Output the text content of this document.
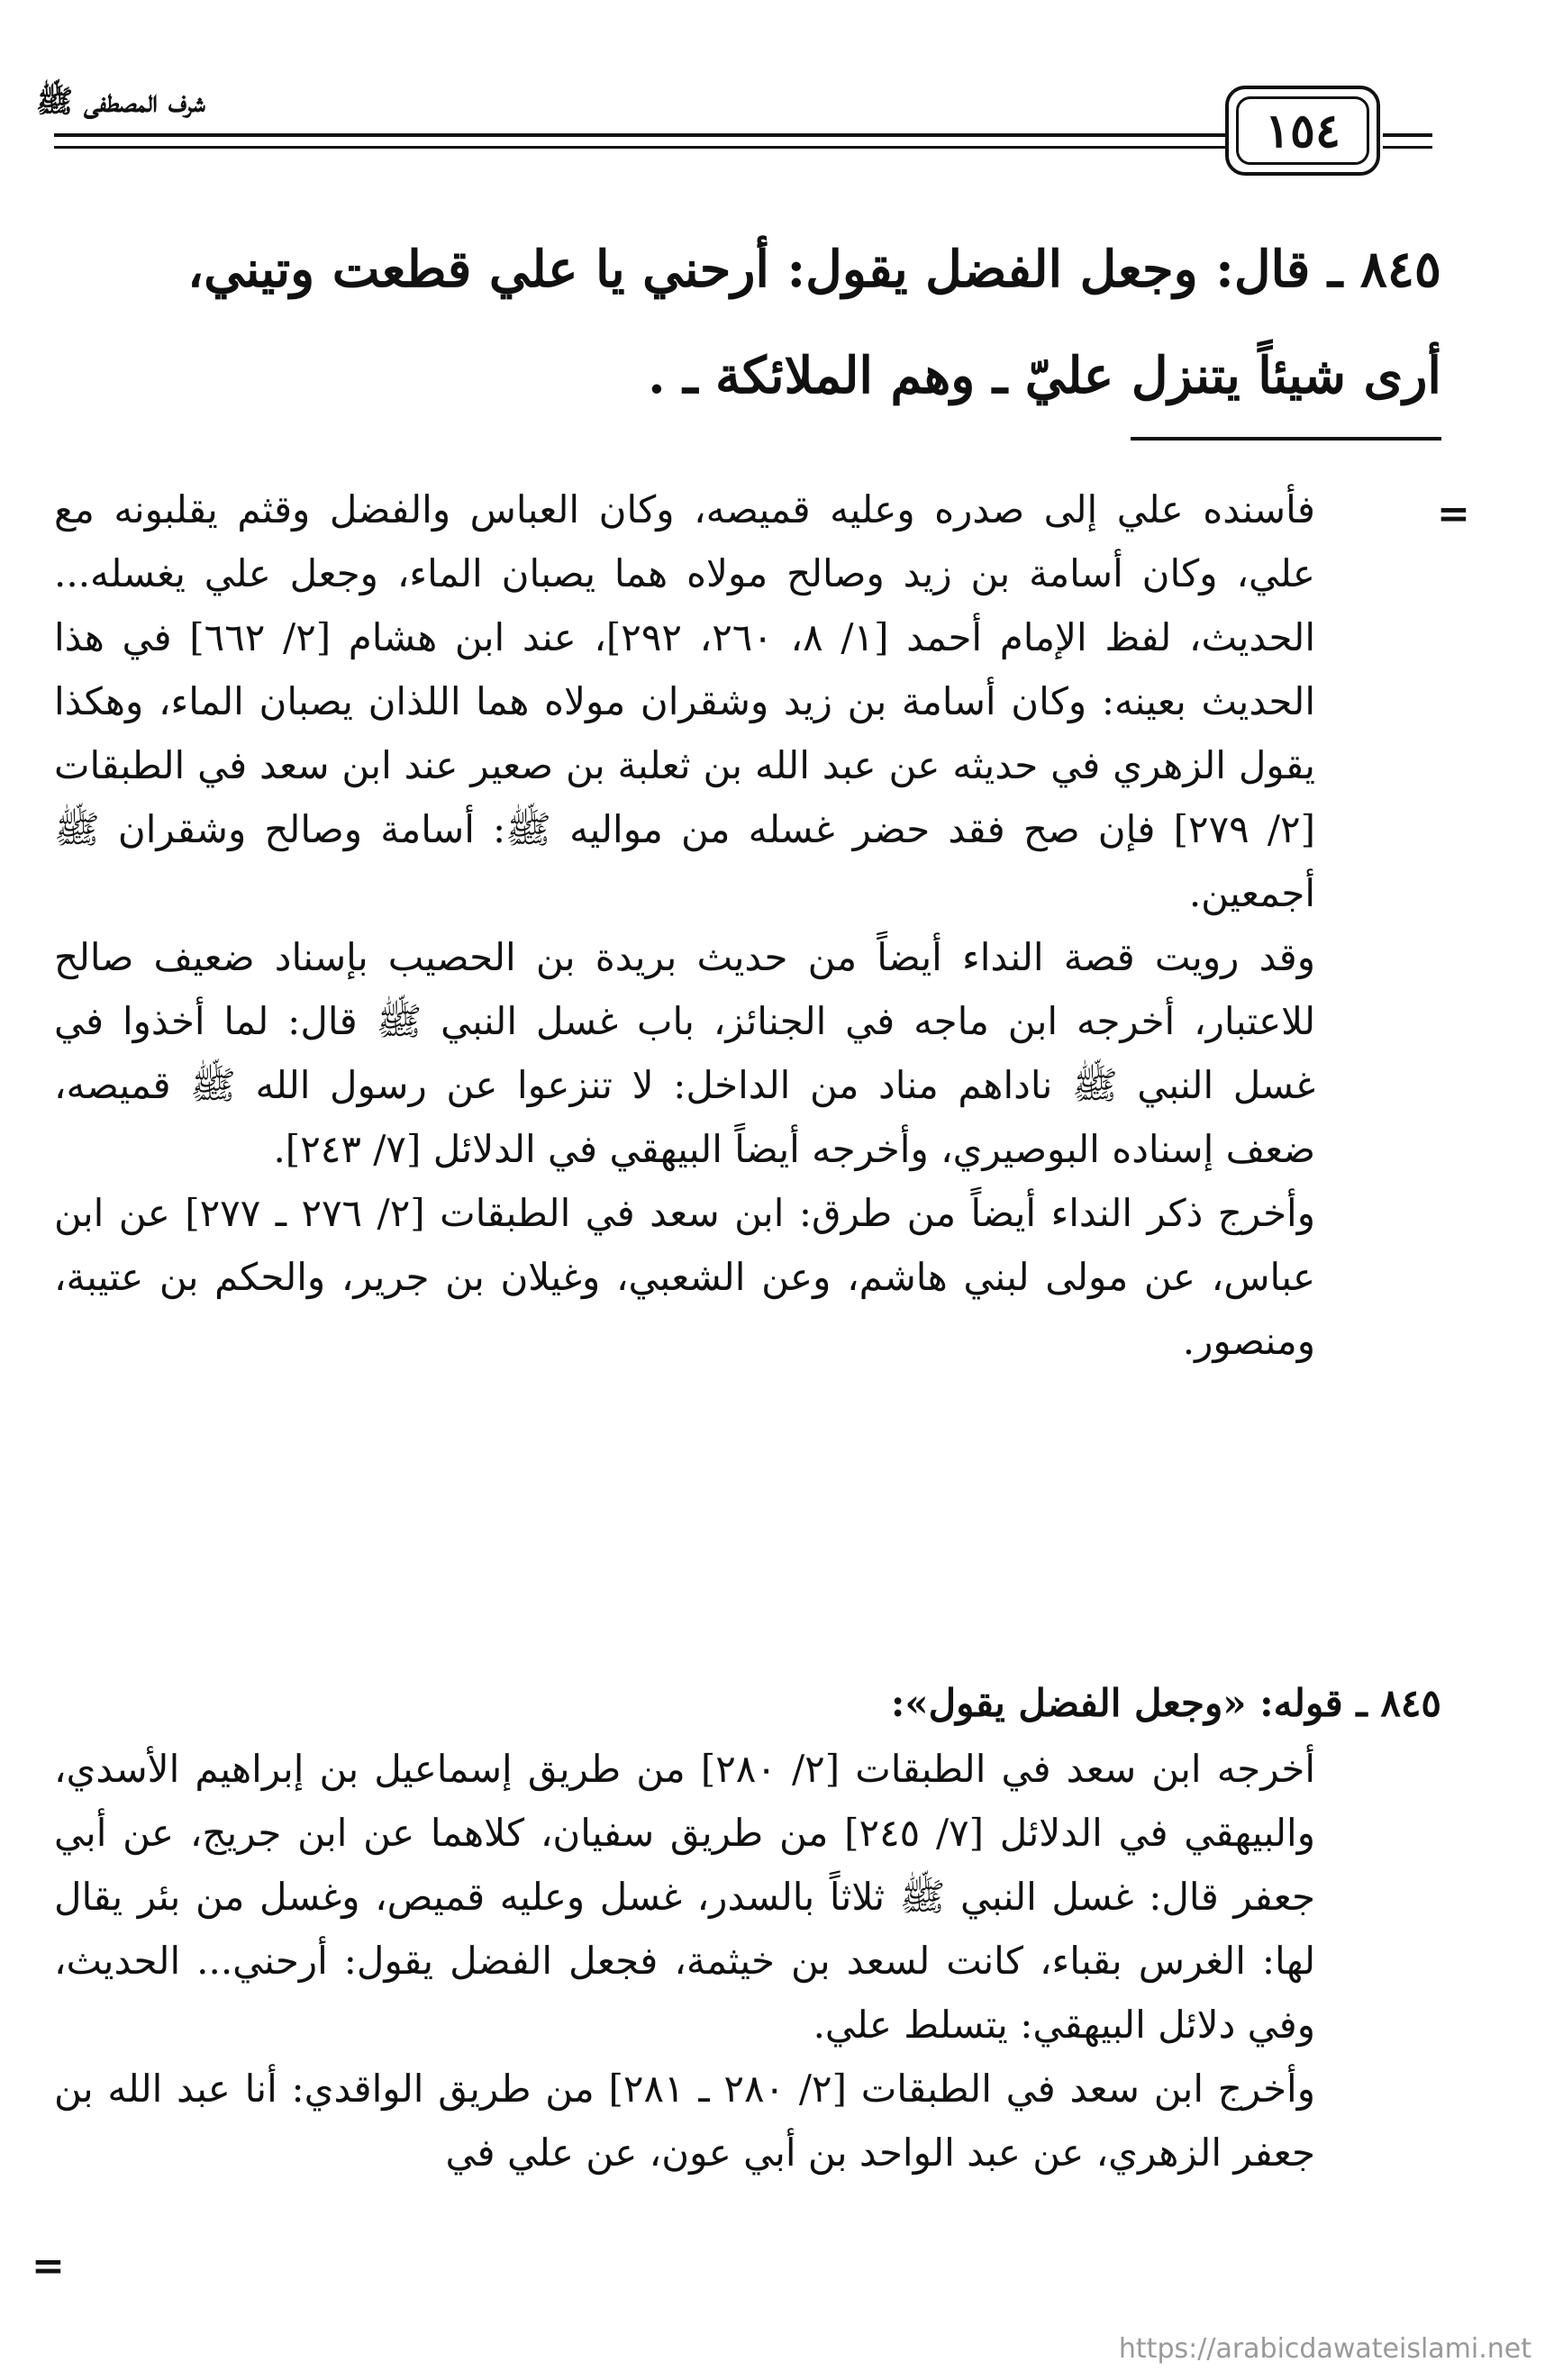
شرف المصطفى ﷺ
١٥٤

٨٤٥ ـ قال: وجعل الفضل يقول: أرحني يا علي قطعت وتيني،

أرى شيئاً يتنزل عليّ ـ وهم الملائكة ـ .

=

فأسنده علي إلى صدره وعليه قميصه، وكان العباس والفضل وقثم يقلبونه مع علي، وكان أسامة بن زيد وصالح مولاه هما يصبان الماء، وجعل علي يغسله... الحديث، لفظ الإمام أحمد [١/ ٨، ٢٦٠، ٢٩٢]، عند ابن هشام [٢/ ٦٦٢] في هذا الحديث بعينه: وكان أسامة بن زيد وشقران مولاه هما اللذان يصبان الماء، وهكذا يقول الزهري في حديثه عن عبد الله بن ثعلبة بن صعير عند ابن سعد في الطبقات [٢/ ٢٧٩] فإن صح فقد حضر غسله من مواليه ﷺ: أسامة وصالح وشقران ﷺ أجمعين.

وقد رويت قصة النداء أيضاً من حديث بريدة بن الحصيب بإسناد ضعيف صالح للاعتبار، أخرجه ابن ماجه في الجنائز، باب غسل النبي ﷺ قال: لما أخذوا في غسل النبي ﷺ ناداهم مناد من الداخل: لا تنزعوا عن رسول الله ﷺ قميصه، ضعف إسناده البوصيري، وأخرجه أيضاً البيهقي في الدلائل [٧/ ٢٤٣].

وأخرج ذكر النداء أيضاً من طرق: ابن سعد في الطبقات [٢/ ٢٧٦ ـ ٢٧٧] عن ابن عباس، عن مولى لبني هاشم، وعن الشعبي، وغيلان بن جرير، والحكم بن عتيبة، ومنصور.

٨٤٥ ـ قوله: «وجعل الفضل يقول»:

أخرجه ابن سعد في الطبقات [٢/ ٢٨٠] من طريق إسماعيل بن إبراهيم الأسدي، والبيهقي في الدلائل [٧/ ٢٤٥] من طريق سفيان، كلاهما عن ابن جريج، عن أبي جعفر قال: غسل النبي ﷺ ثلاثاً بالسدر، غسل وعليه قميص، وغسل من بئر يقال لها: الغرس بقباء، كانت لسعد بن خيثمة، فجعل الفضل يقول: أرحني... الحديث، وفي دلائل البيهقي: يتسلط علي.

وأخرج ابن سعد في الطبقات [٢/ ٢٨٠ ـ ٢٨١] من طريق الواقدي: أنا عبد الله بن جعفر الزهري، عن عبد الواحد بن أبي عون، عن علي في

=
https://arabicdawateislami.net
